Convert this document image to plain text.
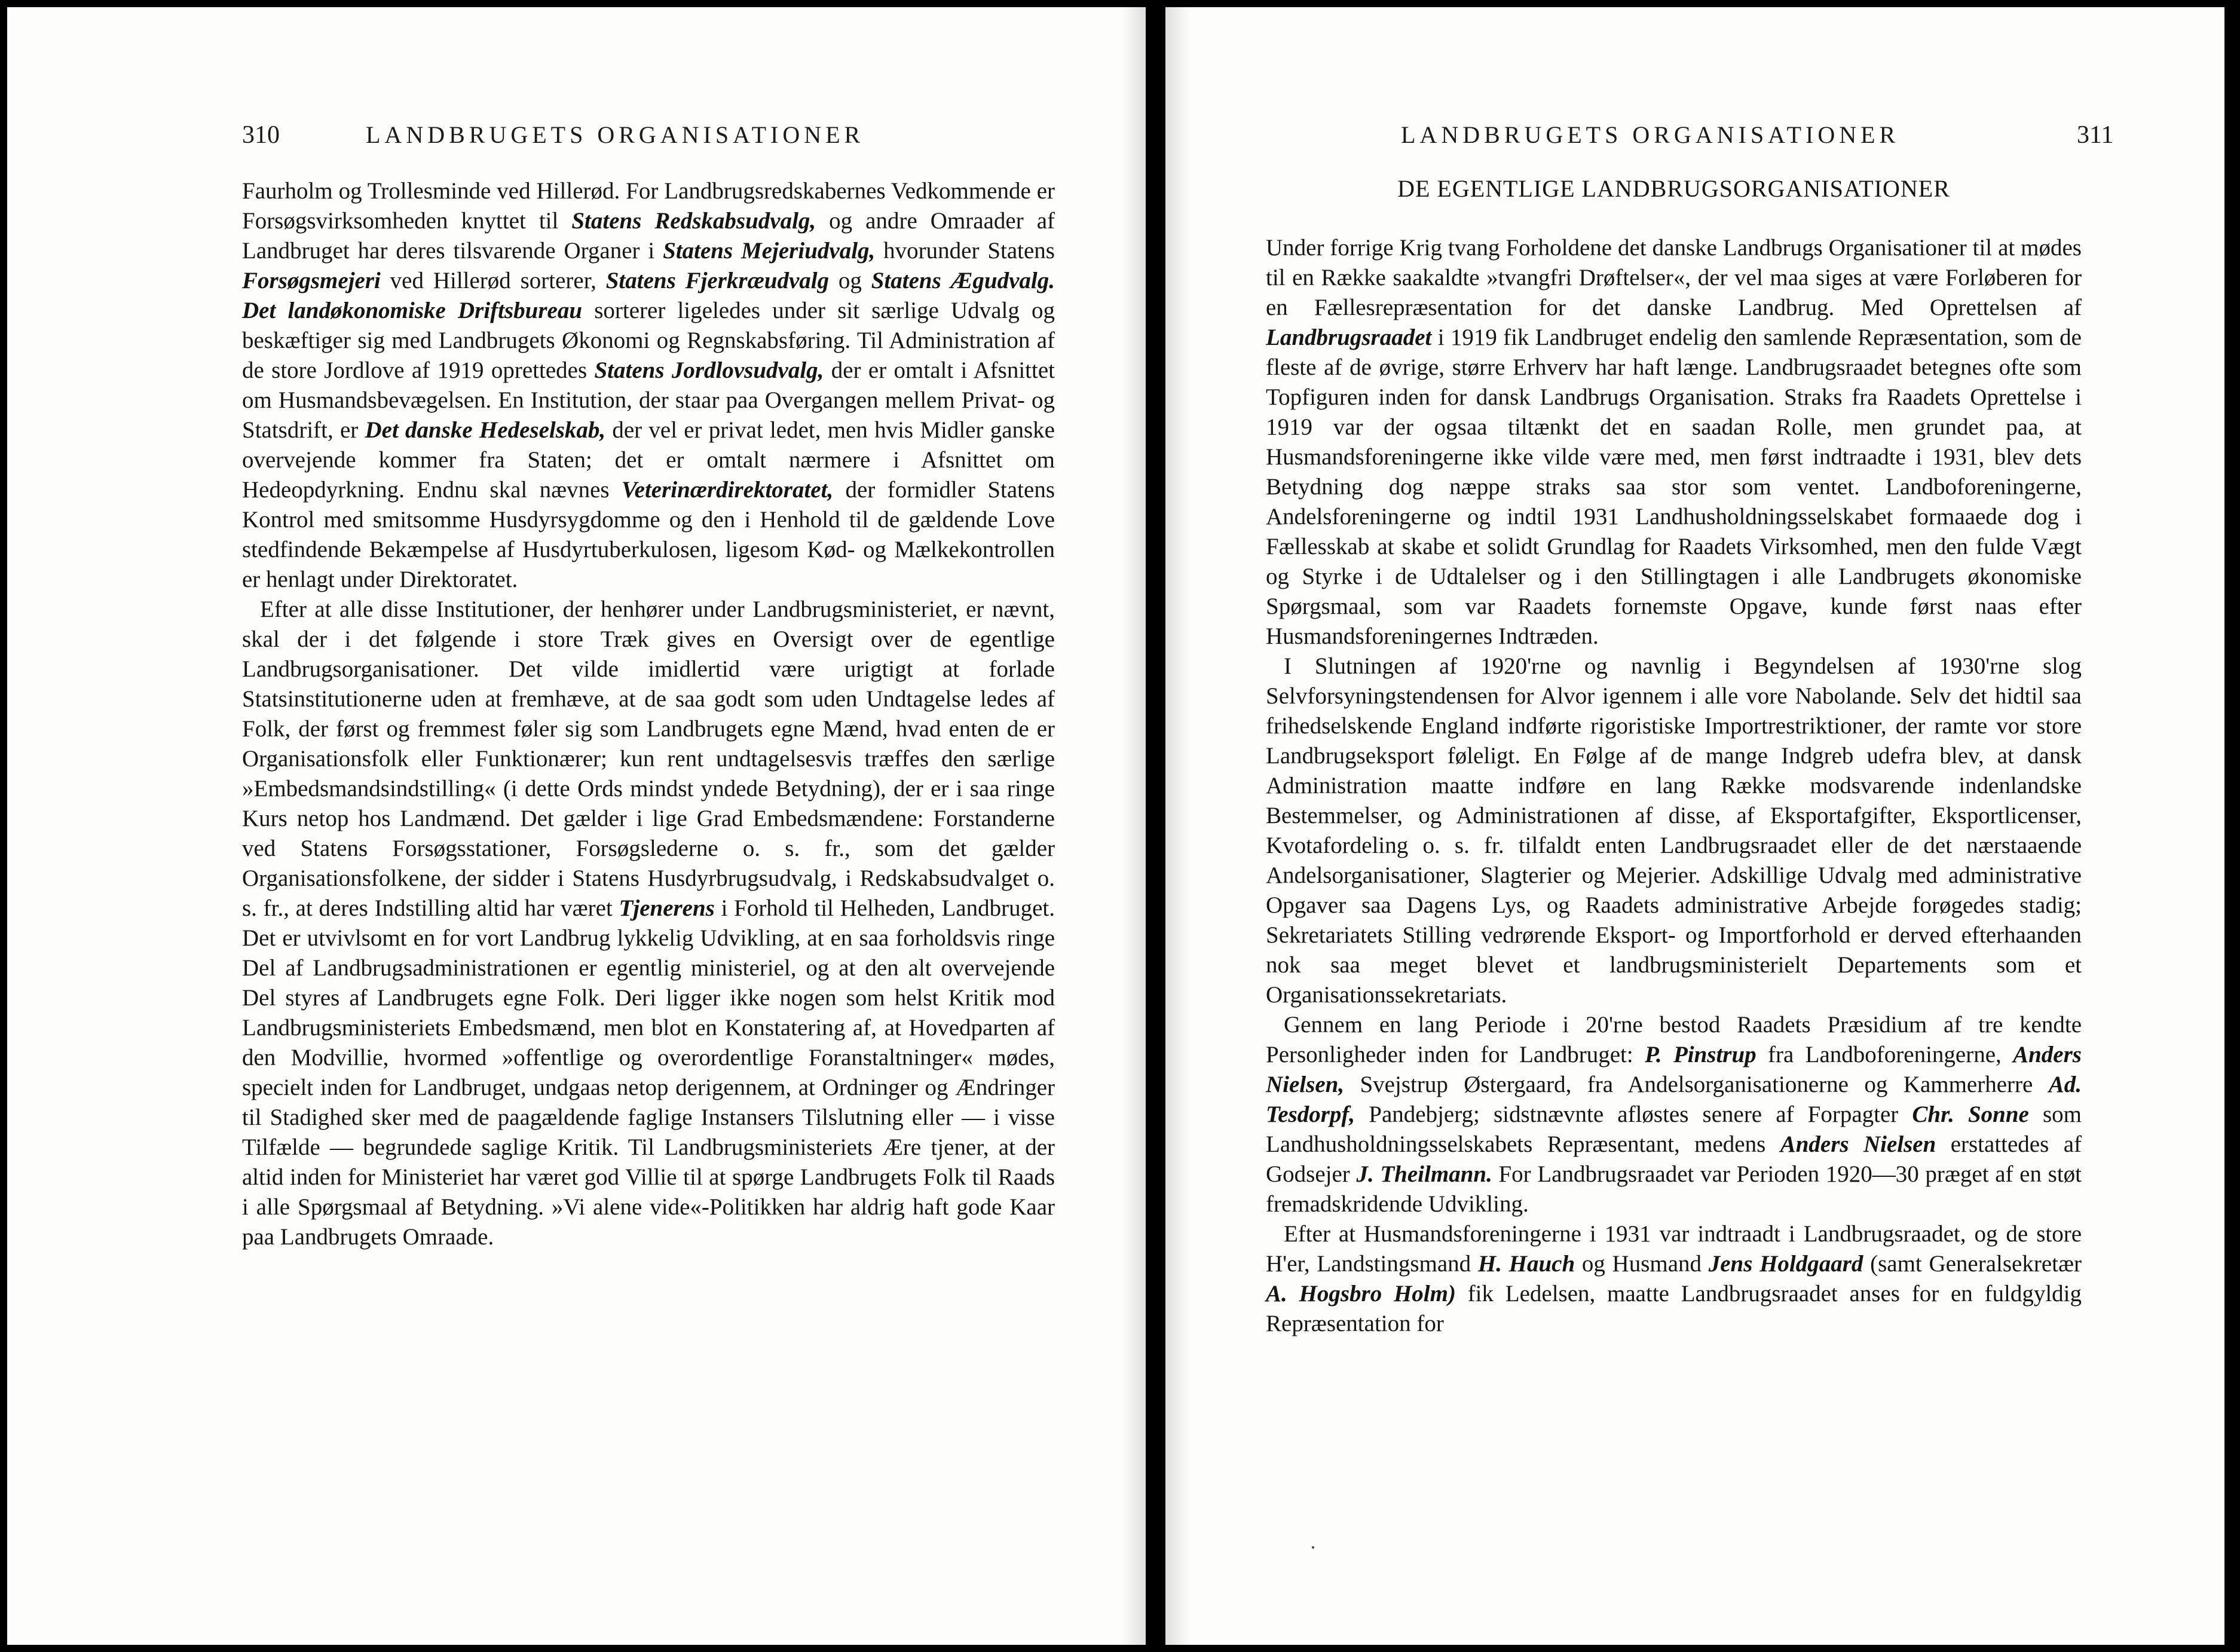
310	LANDBRUGETS ORGANISATIONER

Faurholm og Trollesminde ved Hillerød. For Landbrugsredskabernes Vedkommende er Forsøgsvirksomheden knyttet til Statens Redskabsudvalg, og andre Omraader af Landbruget har deres tilsvarende Organer i Statens Mejeriudvalg, hvorunder Statens Forsøgsmejeri ved Hillerød sorterer, Statens Fjerkræudvalg og Statens Ægudvalg. Det landøkonomiske Driftsbureau sorterer ligeledes under sit særlige Udvalg og beskæftiger sig med Landbrugets Økonomi og Regnskabsføring. Til Administration af de store Jordlove af 1919 oprettedes Statens Jordlovsudvalg, der er omtalt i Afsnittet om Husmandsbevægelsen. En Institution, der staar paa Overgangen mellem Privat- og Statsdrift, er Det danske Hedeselskab, der vel er privat ledet, men hvis Midler ganske overvejende kommer fra Staten; det er omtalt nærmere i Afsnittet om Hedeopdyrkning. Endnu skal nævnes Veterinærdirektoratet, der formidler Statens Kontrol med smitsomme Husdyrsygdomme og den i Henhold til de gældende Love stedfindende Bekæmpelse af Husdyrtuberkulosen, ligesom Kød- og Mælkekontrollen er henlagt under Direktoratet.

Efter at alle disse Institutioner, der henhører under Landbrugsministeriet, er nævnt, skal der i det følgende i store Træk gives en Oversigt over de egentlige Landbrugsorganisationer. Det vilde imidlertid være urigtigt at forlade Statsinstitutionerne uden at fremhæve, at de saa godt som uden Undtagelse ledes af Folk, der først og fremmest føler sig som Landbrugets egne Mænd, hvad enten de er Organisationsfolk eller Funktionærer; kun rent undtagelsesvis træffes den særlige »Embedsmandsindstilling« (i dette Ords mindst yndede Betydning), der er i saa ringe Kurs netop hos Landmænd. Det gælder i lige Grad Embedsmændene: Forstanderne ved Statens Forsøgsstationer, Forsøgslederne o. s. fr., som det gælder Organisationsfolkene, der sidder i Statens Husdyrbrugsudvalg, i Redskabsudvalget o. s. fr., at deres Indstilling altid har været Tjenerens i Forhold til Helheden, Landbruget. Det er utvivlsomt en for vort Landbrug lykkelig Udvikling, at en saa forholdsvis ringe Del af Landbrugsadministrationen er egentlig ministeriel, og at den alt overvejende Del styres af Landbrugets egne Folk. Deri ligger ikke nogen som helst Kritik mod Landbrugsministeriets Embedsmænd, men blot en Konstatering af, at Hovedparten af den Modvillie, hvormed »offentlige og overordentlige Foranstaltninger« mødes, specielt inden for Landbruget, undgaas netop derigennem, at Ordninger og Ændringer til Stadighed sker med de paagældende faglige Instansers Tilslutning eller — i visse Tilfælde — begrundede saglige Kritik. Til Landbrugsministeriets Ære tjener, at der altid inden for Ministeriet har været god Villie til at spørge Landbrugets Folk til Raads i alle Spørgsmaal af Betydning. »Vi alene vide«-Politikken har aldrig haft gode Kaar paa Landbrugets Omraade.

LANDBRUGETS ORGANISATIONER	311
DE EGENTLIGE LANDBRUGSORGANISATIONER

Under forrige Krig tvang Forholdene det danske Landbrugs Organisationer til at mødes til en Række saakaldte »tvangfri Drøftelser«, der vel maa siges at være Forløberen for en Fællesrepræsentation for det danske Landbrug. Med Oprettelsen af Landbrugsraadet i 1919 fik Landbruget endelig den samlende Repræsentation, som de fleste af de øvrige, større Erhverv har haft længe. Landbrugsraadet betegnes ofte som Topfiguren inden for dansk Landbrugs Organisation. Straks fra Raadets Oprettelse i 1919 var der ogsaa tiltænkt det en saadan Rolle, men grundet paa, at Husmandsforeningerne ikke vilde være med, men først indtraadte i 1931, blev dets Betydning dog næppe straks saa stor som ventet. Landboforeningerne, Andelsforeningerne og indtil 1931 Landhusholdningsselskabet formaaede dog i Fællesskab at skabe et solidt Grundlag for Raadets Virksomhed, men den fulde Vægt og Styrke i de Udtalelser og i den Stillingtagen i alle Landbrugets økonomiske Spørgsmaal, som var Raadets fornemste Opgave, kunde først naas efter Husmandsforeningernes Indtræden.

I Slutningen af 1920'rne og navnlig i Begyndelsen af 1930'rne slog Selvforsyningstendensen for Alvor igennem i alle vore Nabolande. Selv det hidtil saa frihedselskende England indførte rigoristiske Importrestriktioner, der ramte vor store Landbrugseksport føleligt. En Følge af de mange Indgreb udefra blev, at dansk Administration maatte indføre en lang Række modsvarende indenlandske Bestemmelser, og Administrationen af disse, af Eksportafgifter, Eksportlicenser, Kvotafordeling o. s. fr. tilfaldt enten Landbrugsraadet eller de det nærstaaende Andelsorganisationer, Slagterier og Mejerier. Adskillige Udvalg med administrative Opgaver saa Dagens Lys, og Raadets administrative Arbejde forøgedes stadig; Sekretariatets Stilling vedrørende Eksport- og Importforhold er derved efterhaanden nok saa meget blevet et landbrugsministerielt Departements som et Organisationssekretariats.

Gennem en lang Periode i 20'rne bestod Raadets Præsidium af tre kendte Personligheder inden for Landbruget: P. Pinstrup fra Landboforeningerne, Anders Nielsen, Svejstrup Østergaard, fra Andelsorganisationerne og Kammerherre Ad. Tesdorpf, Pandebjerg; sidstnævnte afløstes senere af Forpagter Chr. Sonne som Landhusholdningsselskabets Repræsentant, medens Anders Nielsen erstattedes af Godsejer J. Theilmann. For Landbrugsraadet var Perioden 1920—30 præget af en støt fremadskridende Udvikling.

Efter at Husmandsforeningerne i 1931 var indtraadt i Landbrugsraadet, og de store H'er, Landstingsmand H. Hauch og Husmand Jens Holdgaard (samt Generalsekretær A. Hogsbro Holm) fik Ledelsen, maatte Landbrugsraadet anses for en fuldgyldig Repræsentation for
